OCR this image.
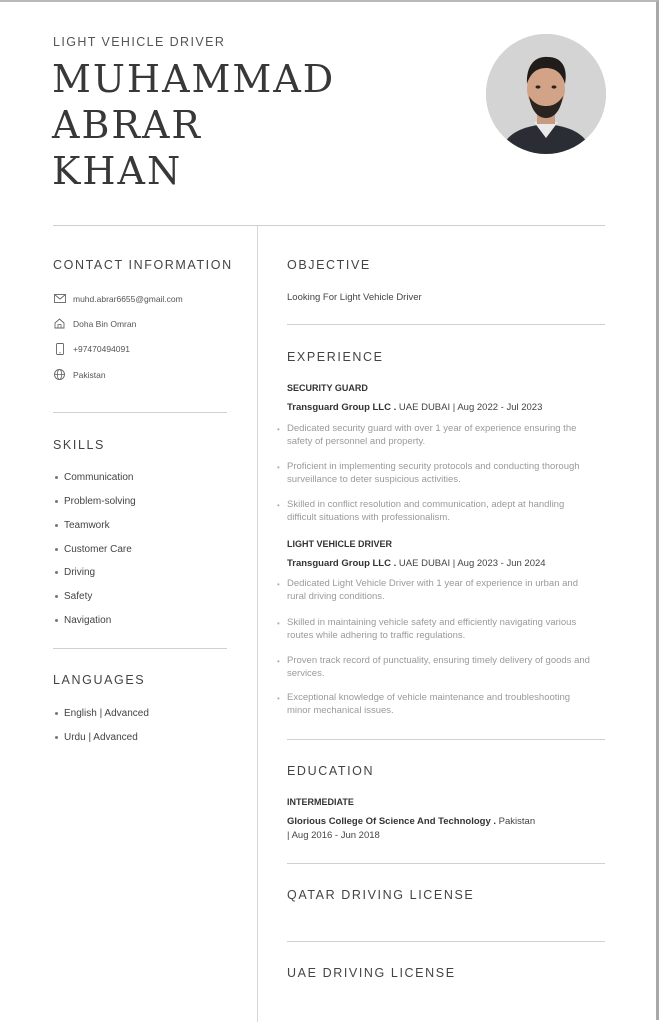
LIGHT VEHICLE DRIVER
MUHAMMAD
ABRAR
KHAN
CONTACT INFORMATION
muhd.abrar6655@gmail.com
Doha Bin Omran
+97470494091
Pakistan
SKILLS
Communication
Problem-solving
Teamwork
Customer Care
Driving
Safety
Navigation
LANGUAGES
English | Advanced
Urdu | Advanced
OBJECTIVE
Looking For Light Vehicle Driver
EXPERIENCE
SECURITY GUARD
Transguard Group LLC . UAE DUBAI | Aug 2022 - Jul 2023
• Dedicated security guard with over 1 year of experience ensuring the safety of personnel and property.
• Proficient in implementing security protocols and conducting thorough surveillance to deter suspicious activities.
• Skilled in conflict resolution and communication, adept at handling difficult situations with professionalism.
LIGHT VEHICLE DRIVER
Transguard Group LLC . UAE DUBAI | Aug 2023 - Jun 2024
• Dedicated Light Vehicle Driver with 1 year of experience in urban and rural driving conditions.
• Skilled in maintaining vehicle safety and efficiently navigating various routes while adhering to traffic regulations.
• Proven track record of punctuality, ensuring timely delivery of goods and services.
• Exceptional knowledge of vehicle maintenance and troubleshooting minor mechanical issues.
EDUCATION
INTERMEDIATE
Glorious College Of Science And Technology . Pakistan
| Aug 2016 - Jun 2018
QATAR DRIVING LICENSE
UAE DRIVING LICENSE
